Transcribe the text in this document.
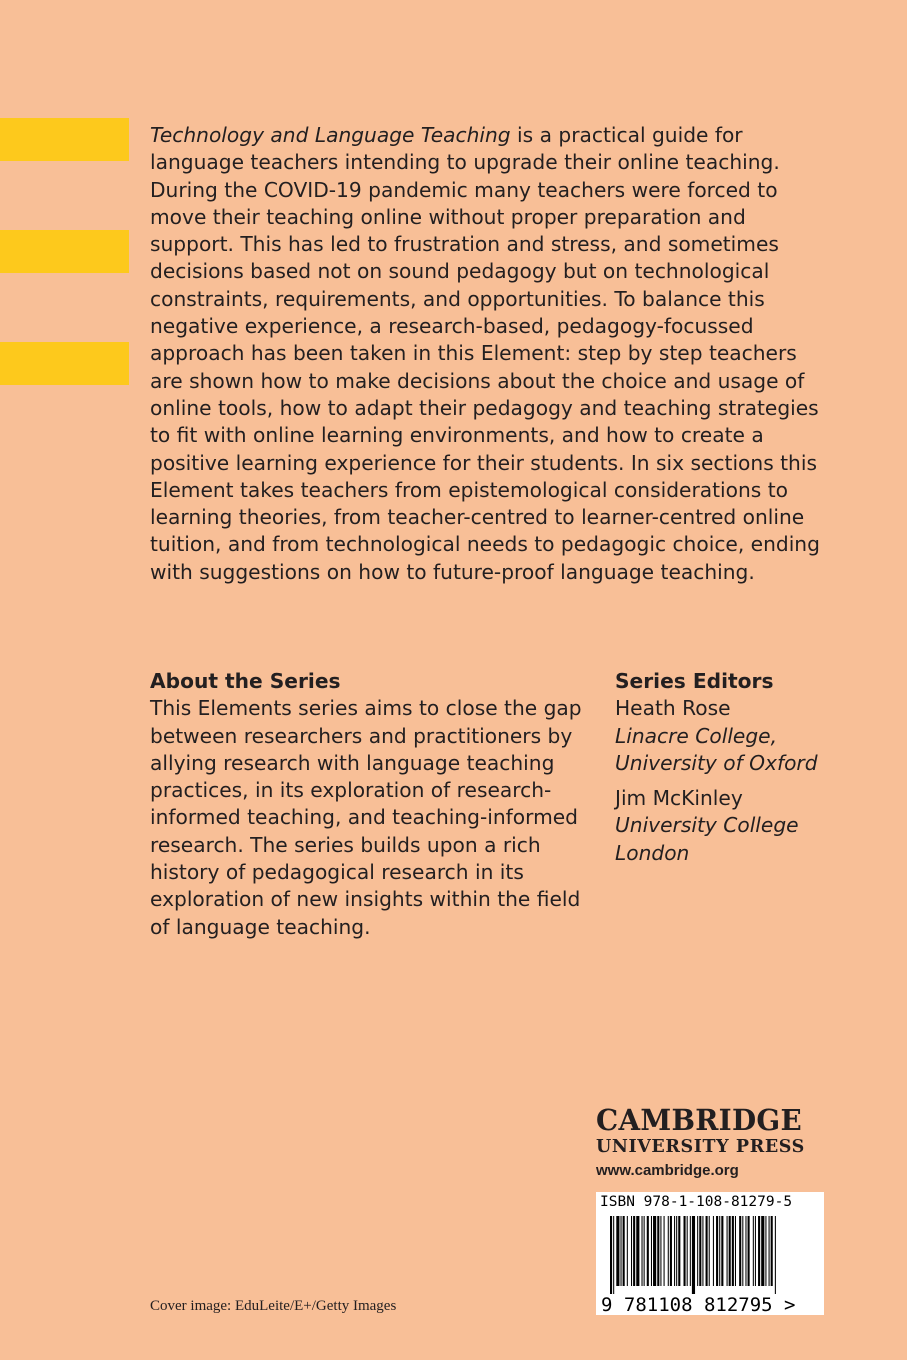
Technology and Language Teaching is a practical guide for language teachers intending to upgrade their online teaching. During the COVID-19 pandemic many teachers were forced to move their teaching online without proper preparation and support. This has led to frustration and stress, and sometimes decisions based not on sound pedagogy but on technological constraints, requirements, and opportunities. To balance this negative experience, a research-based, pedagogy-focussed approach has been taken in this Element: step by step teachers are shown how to make decisions about the choice and usage of online tools, how to adapt their pedagogy and teaching strategies to fit with online learning environments, and how to create a positive learning experience for their students. In six sections this Element takes teachers from epistemological considerations to learning theories, from teacher-centred to learner-centred online tuition, and from technological needs to pedagogic choice, ending with suggestions on how to future-proof language teaching.

About the Series

This Elements series aims to close the gap between researchers and practitioners by allying research with language teaching practices, in its exploration of research-informed teaching, and teaching-informed research. The series builds upon a rich history of pedagogical research in its exploration of new insights within the field of language teaching.

Series Editors
Heath Rose
Linacre College, University of Oxford
Jim McKinley
University College London
CAMBRIDGE
UNIVERSITY PRESS
www.cambridge.org
9 781108 812795 >
ISBN 978-1-108-81279-5
Cover image: EduLeite/E+/Getty Images
